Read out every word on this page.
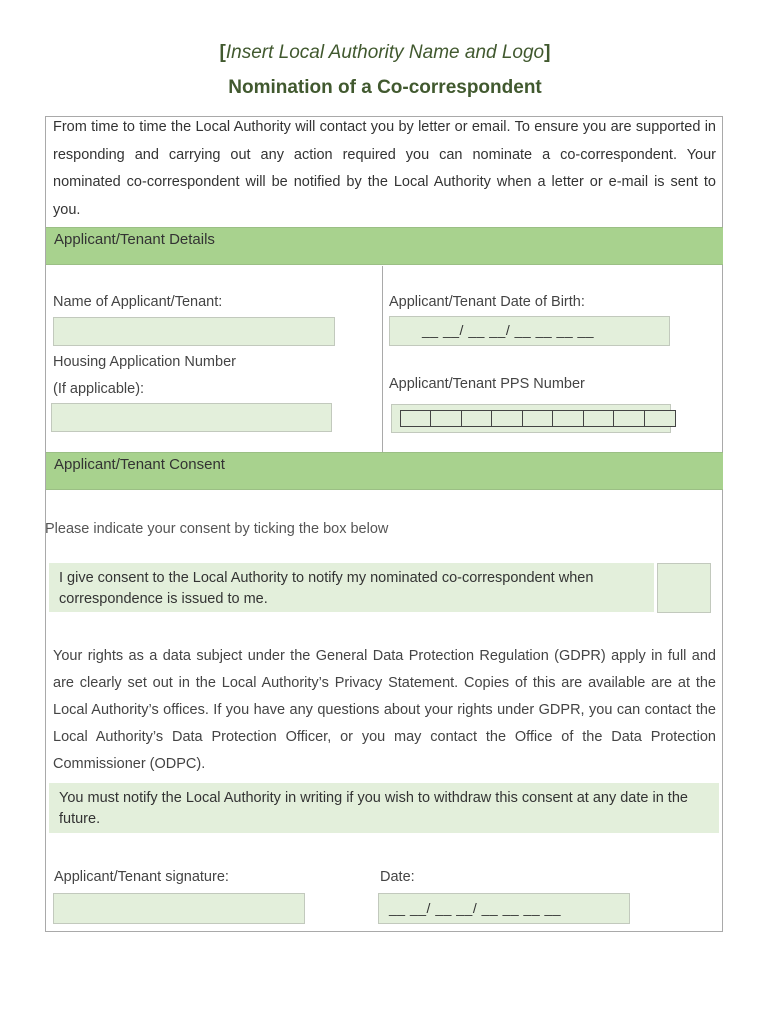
[Insert Local Authority Name and Logo]
Nomination of a Co-correspondent
From time to time the Local Authority will contact you by letter or email. To ensure you are supported in responding and carrying out any action required you can nominate a co-correspondent. Your nominated co-correspondent will be notified by the Local Authority when a letter or e-mail is sent to you.
Applicant/Tenant Details
Name of Applicant/Tenant:	Applicant/Tenant Date of Birth:
__ __/ __ __/ __ __ __ __
Housing Application Number
(If applicable):	Applicant/Tenant PPS Number
Applicant/Tenant Consent
Please indicate your consent by ticking the box below
I give consent to the Local Authority to notify my nominated co-correspondent when correspondence is issued to me.
Your rights as a data subject under the General Data Protection Regulation (GDPR) apply in full and are clearly set out in the Local Authority’s Privacy Statement. Copies of this are available are at the Local Authority’s offices. If you have any questions about your rights under GDPR, you can contact the Local Authority’s Data Protection Officer, or you may contact the Office of the Data Protection Commissioner (ODPC).
You must notify the Local Authority in writing if you wish to withdraw this consent at any date in the future.
Applicant/Tenant signature:	Date:
__ __/ __ __/ __ __ __ __
